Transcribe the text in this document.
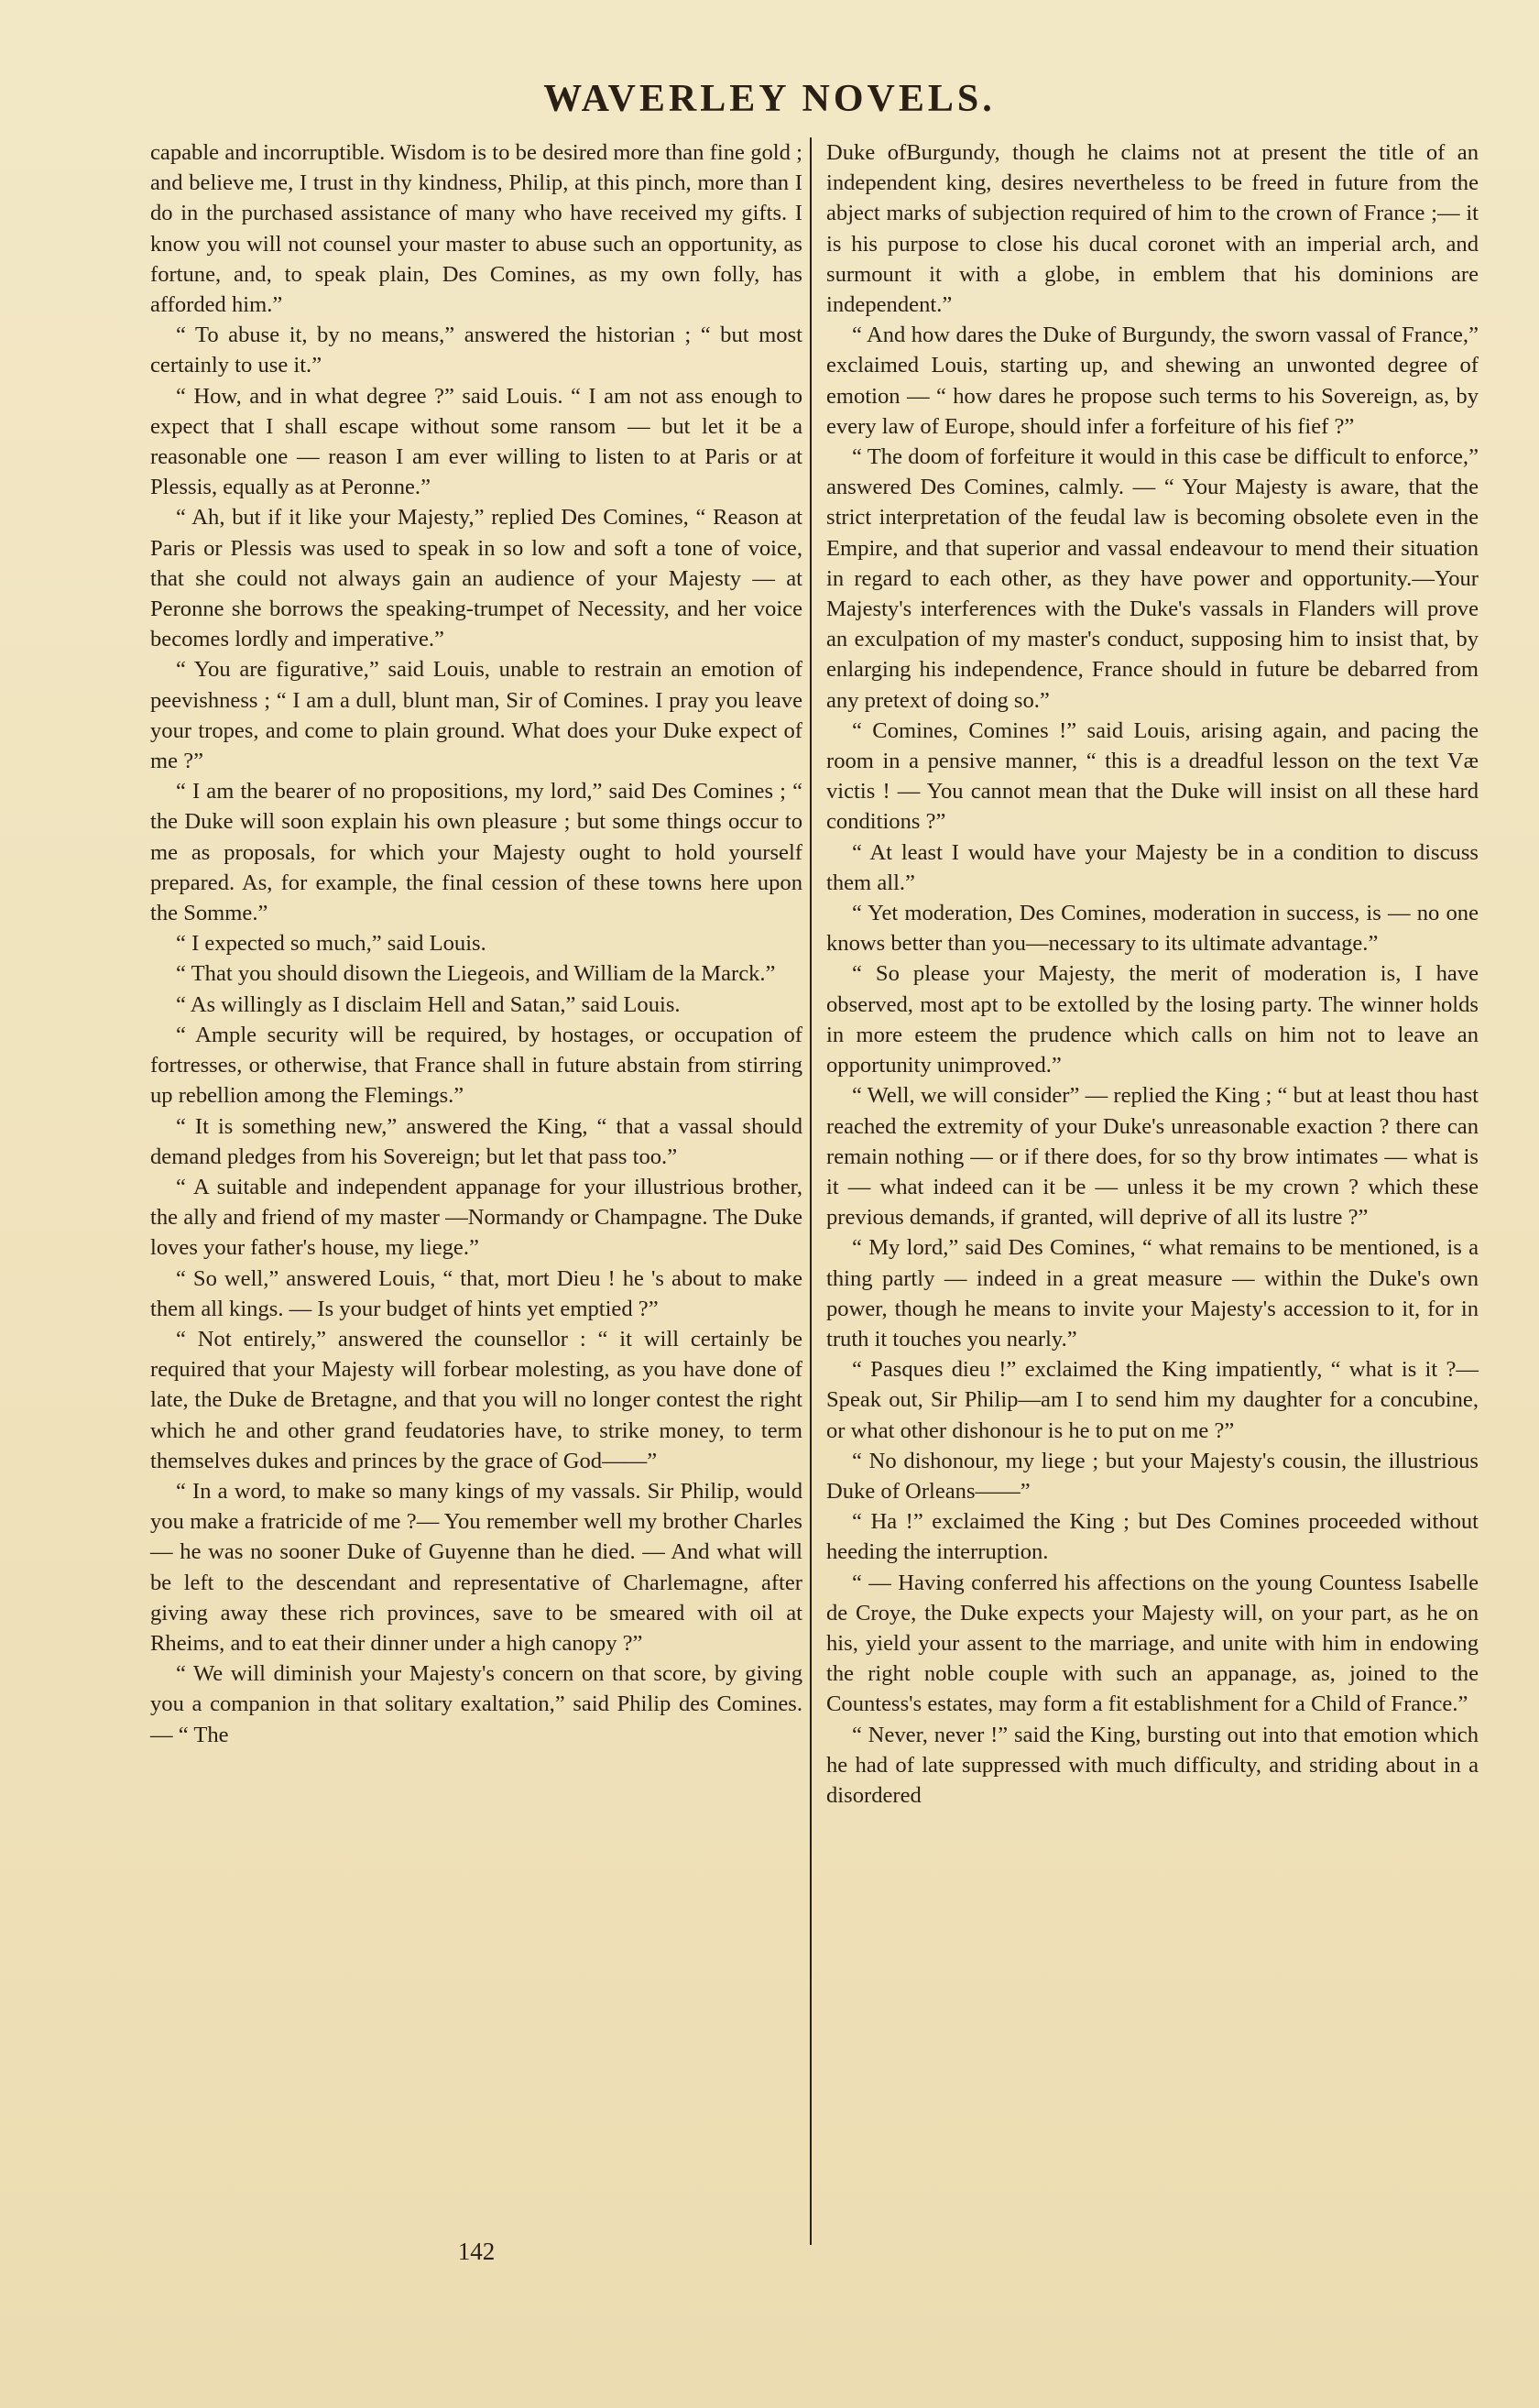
WAVERLEY NOVELS.

capable and incorruptible. Wisdom is to be desired more than fine gold ; and believe me, I trust in thy kindness, Philip, at this pinch, more than I do in the purchased assistance of many who have received my gifts. I know you will not counsel your master to abuse such an opportunity, as fortune, and, to speak plain, Des Comines, as my own folly, has afforded him.”

“ To abuse it, by no means,” answered the historian ; “ but most certainly to use it.”

“ How, and in what degree ?” said Louis. “ I am not ass enough to expect that I shall escape without some ransom — but let it be a reasonable one — reason I am ever willing to listen to at Paris or at Plessis, equally as at Peronne.”

“ Ah, but if it like your Majesty,” replied Des Comines, “ Reason at Paris or Plessis was used to speak in so low and soft a tone of voice, that she could not always gain an audience of your Majesty — at Peronne she borrows the speaking-trumpet of Necessity, and her voice becomes lordly and imperative.”

“ You are figurative,” said Louis, unable to restrain an emotion of peevishness ; “ I am a dull, blunt man, Sir of Comines. I pray you leave your tropes, and come to plain ground. What does your Duke expect of me ?”

“ I am the bearer of no propositions, my lord,” said Des Comines ; “ the Duke will soon explain his own pleasure ; but some things occur to me as proposals, for which your Majesty ought to hold yourself prepared. As, for example, the final cession of these towns here upon the Somme.”

“ I expected so much,” said Louis.

“ That you should disown the Liegeois, and William de la Marck.”

“ As willingly as I disclaim Hell and Satan,” said Louis.

“ Ample security will be required, by hostages, or occupation of fortresses, or otherwise, that France shall in future abstain from stirring up rebellion among the Flemings.”

“ It is something new,” answered the King, “ that a vassal should demand pledges from his Sovereign; but let that pass too.”

“ A suitable and independent appanage for your illustrious brother, the ally and friend of my master —Normandy or Champagne. The Duke loves your father's house, my liege.”

“ So well,” answered Louis, “ that, mort Dieu ! he 's about to make them all kings. — Is your budget of hints yet emptied ?”

“ Not entirely,” answered the counsellor : “ it will certainly be required that your Majesty will forbear molesting, as you have done of late, the Duke de Bretagne, and that you will no longer contest the right which he and other grand feudatories have, to strike money, to term themselves dukes and princes by the grace of God——”

“ In a word, to make so many kings of my vassals. Sir Philip, would you make a fratricide of me ?— You remember well my brother Charles — he was no sooner Duke of Guyenne than he died. — And what will be left to the descendant and representative of Charlemagne, after giving away these rich provinces, save to be smeared with oil at Rheims, and to eat their dinner under a high canopy ?”

“ We will diminish your Majesty's concern on that score, by giving you a companion in that solitary exaltation,” said Philip des Comines. — “ The

Duke ofBurgundy, though he claims not at present the title of an independent king, desires nevertheless to be freed in future from the abject marks of subjection required of him to the crown of France ;— it is his purpose to close his ducal coronet with an imperial arch, and surmount it with a globe, in emblem that his dominions are independent.”

“ And how dares the Duke of Burgundy, the sworn vassal of France,” exclaimed Louis, starting up, and shewing an unwonted degree of emotion — “ how dares he propose such terms to his Sovereign, as, by every law of Europe, should infer a forfeiture of his fief ?”

“ The doom of forfeiture it would in this case be difficult to enforce,” answered Des Comines, calmly. — “ Your Majesty is aware, that the strict interpretation of the feudal law is becoming obsolete even in the Empire, and that superior and vassal endeavour to mend their situation in regard to each other, as they have power and opportunity.—Your Majesty's interferences with the Duke's vassals in Flanders will prove an exculpation of my master's conduct, supposing him to insist that, by enlarging his independence, France should in future be debarred from any pretext of doing so.”

“ Comines, Comines !” said Louis, arising again, and pacing the room in a pensive manner, “ this is a dreadful lesson on the text Væ victis ! — You cannot mean that the Duke will insist on all these hard conditions ?”

“ At least I would have your Majesty be in a condition to discuss them all.”

“ Yet moderation, Des Comines, moderation in success, is — no one knows better than you—necessary to its ultimate advantage.”

“ So please your Majesty, the merit of moderation is, I have observed, most apt to be extolled by the losing party. The winner holds in more esteem the prudence which calls on him not to leave an opportunity unimproved.”

“ Well, we will consider” — replied the King ; “ but at least thou hast reached the extremity of your Duke's unreasonable exaction ? there can remain nothing — or if there does, for so thy brow intimates — what is it — what indeed can it be — unless it be my crown ? which these previous demands, if granted, will deprive of all its lustre ?”

“ My lord,” said Des Comines, “ what remains to be mentioned, is a thing partly — indeed in a great measure — within the Duke's own power, though he means to invite your Majesty's accession to it, for in truth it touches you nearly.”

“ Pasques dieu !” exclaimed the King impatiently, “ what is it ?—Speak out, Sir Philip—am I to send him my daughter for a concubine, or what other dishonour is he to put on me ?”

“ No dishonour, my liege ; but your Majesty's cousin, the illustrious Duke of Orleans——”

“ Ha !” exclaimed the King ; but Des Comines proceeded without heeding the interruption.

“ — Having conferred his affections on the young Countess Isabelle de Croye, the Duke expects your Majesty will, on your part, as he on his, yield your assent to the marriage, and unite with him in endowing the right noble couple with such an appanage, as, joined to the Countess's estates, may form a fit establishment for a Child of France.”

“ Never, never !” said the King, bursting out into that emotion which he had of late suppressed with much difficulty, and striding about in a disordered

142
